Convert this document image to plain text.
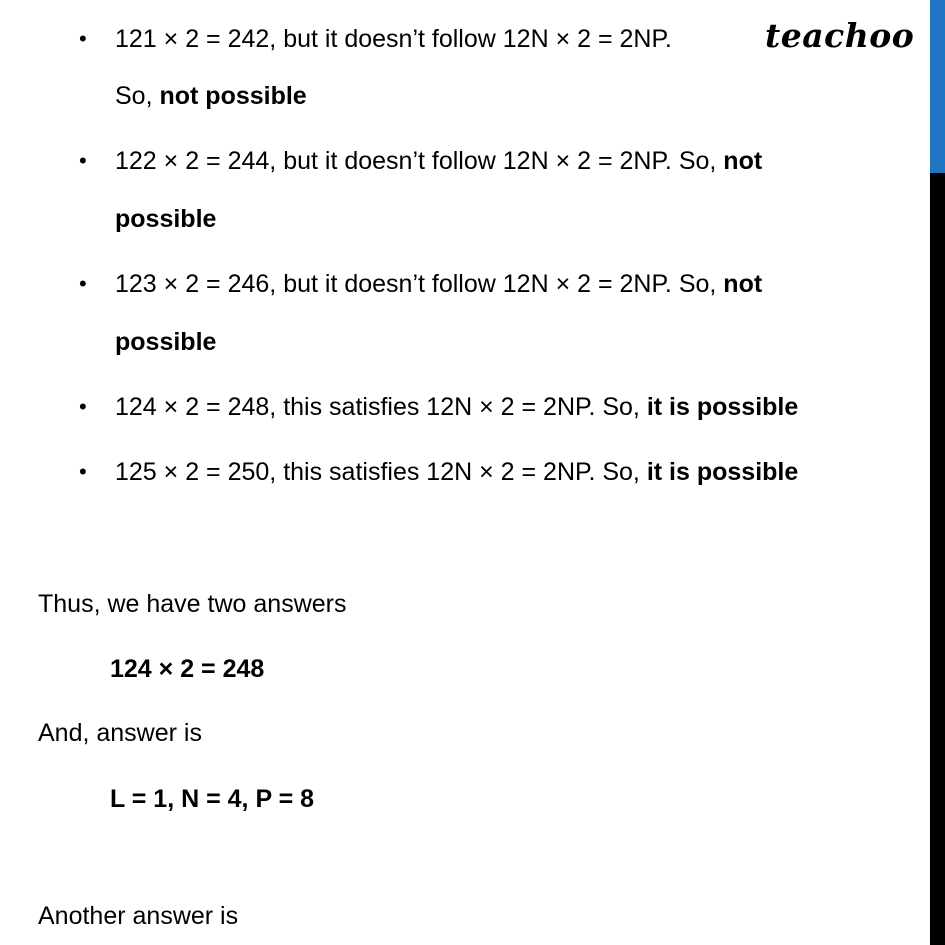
teachoo
• 121 × 2 = 242, but it doesn’t follow 12N × 2 = 2NP.
So, not possible
• 122 × 2 = 244, but it doesn’t follow 12N × 2 = 2NP. So, not
possible
• 123 × 2 = 246, but it doesn’t follow 12N × 2 = 2NP. So, not
possible
• 124 × 2 = 248, this satisfies 12N × 2 = 2NP. So, it is possible
• 125 × 2 = 250, this satisfies 12N × 2 = 2NP. So, it is possible
Thus, we have two answers
124 × 2 = 248
And, answer is
L = 1, N = 4, P = 8
Another answer is
